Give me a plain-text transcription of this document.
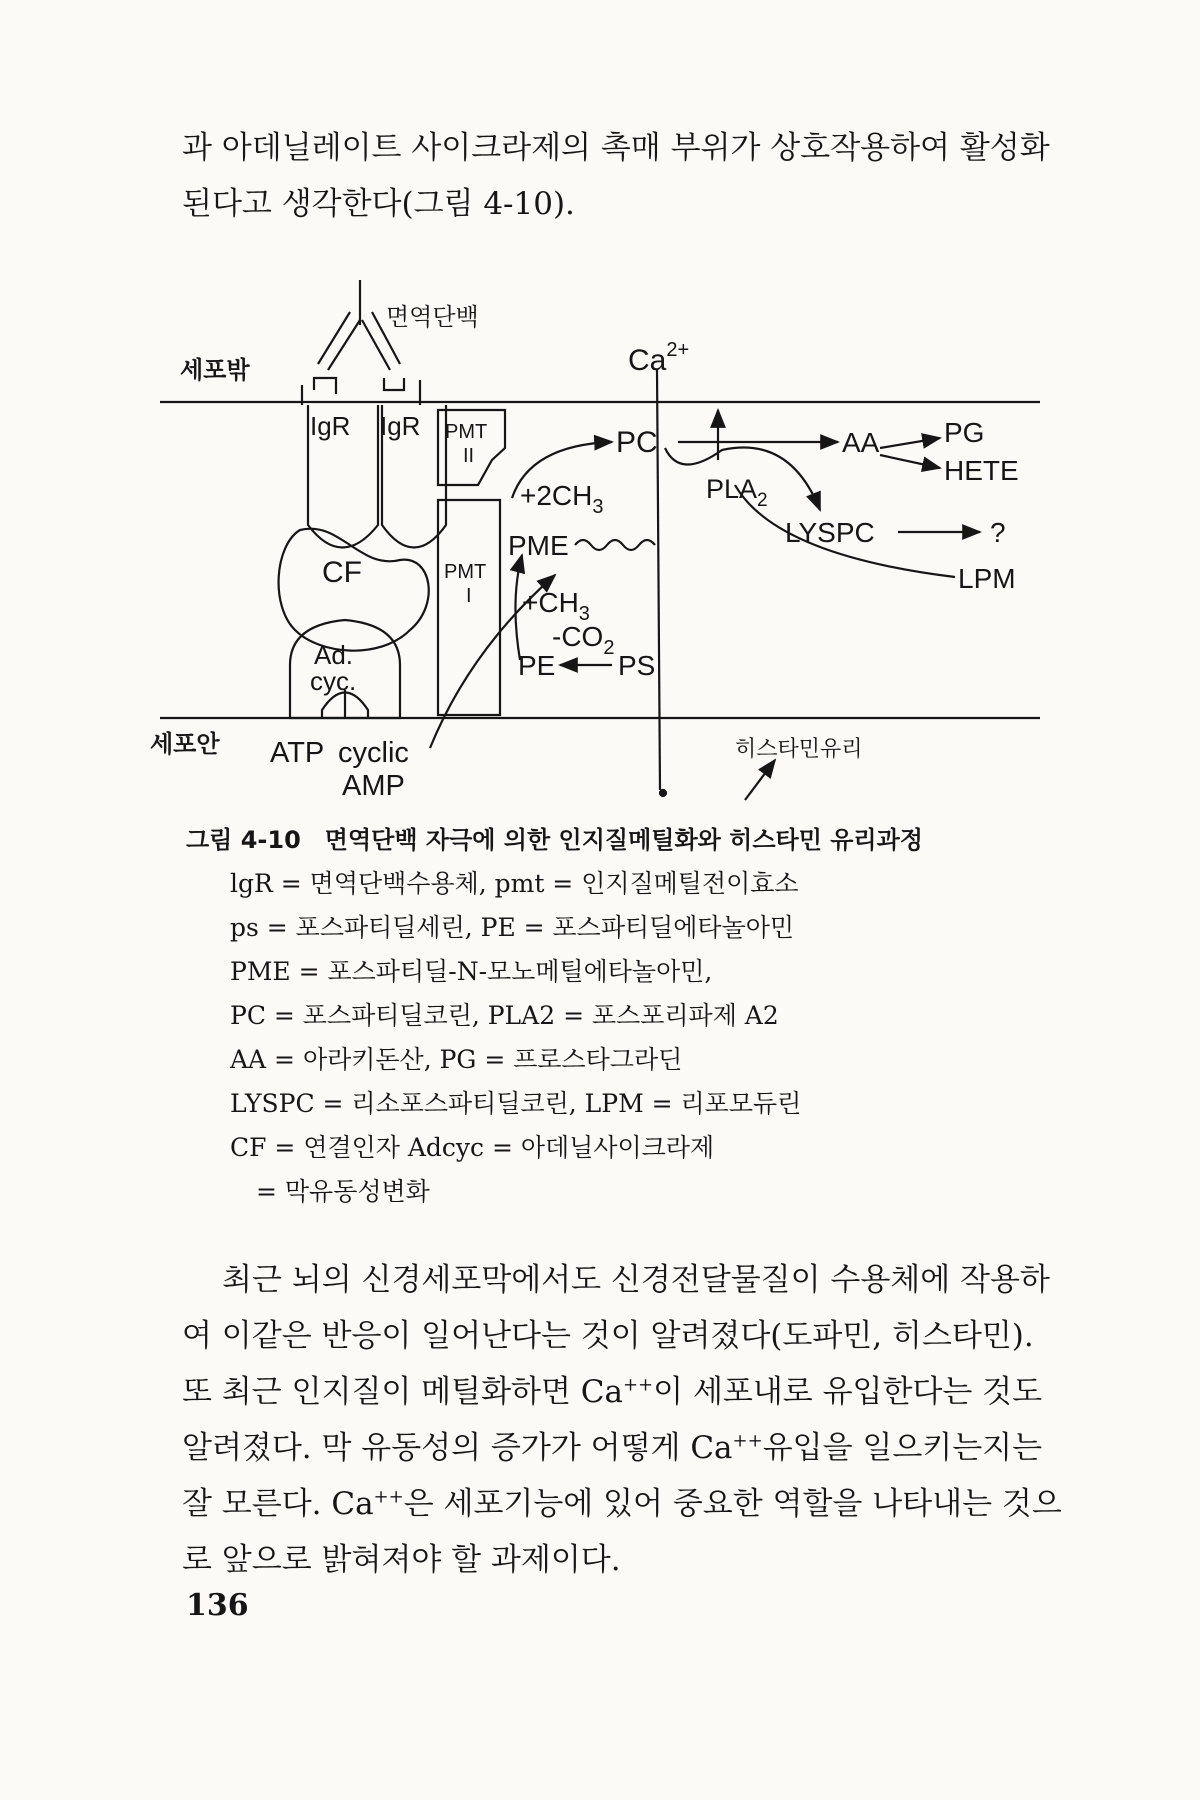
과 아데닐레이트 사이크라제의 촉매 부위가 상호작용하여 활성화

된다고 생각한다(그림 4-10).

면역단백
세포밖
세포안
$Ca^{2+}$
IgR IgR PMT
II
PMT
I
CF
Ad.
cyc.
PC
$+2CH_3$
PME
$+CH_3$
$-CO_2$
PE PS
$PLA_2$
AA PG
HETE
LYSPC	?
LPM
ATP cyclic
AMP
히스타민유리
그림 4-10 면역단백 자극에 의한 인지질메틸화와 히스타민 유리과정
lgR = 면역단백수용체, pmt = 인지질메틸전이효소
ps = 포스파티딜세린, PE = 포스파티딜에타놀아민
PME = 포스파티딜-N-모노메틸에타놀아민,
PC = 포스파티딜코린, PLA2 = 포스포리파제 A2
AA = 아라키돈산, PG = 프로스타그라딘
LYSPC = 리소포스파티딜코린, LPM = 리포모듀린
CF = 연결인자 Adcyc = 아데닐사이크라제
= 막유동성변화

최근 뇌의 신경세포막에서도 신경전달물질이 수용체에 작용하

여 이같은 반응이 일어난다는 것이 알려졌다(도파민, 히스타민).

또 최근 인지질이 메틸화하면 Ca++이 세포내로 유입한다는 것도

알려졌다. 막 유동성의 증가가 어떻게 Ca++유입을 일으키는지는

잘 모른다. Ca++은 세포기능에 있어 중요한 역할을 나타내는 것으

로 앞으로 밝혀져야 할 과제이다.

136
